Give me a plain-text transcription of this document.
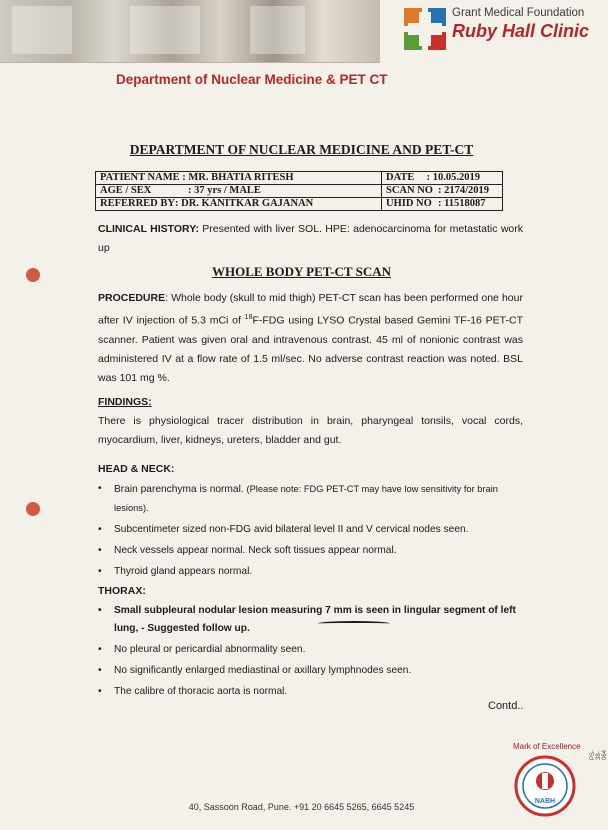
Grant Medical Foundation
Ruby Hall Clinic
Department of Nuclear Medicine & PET CT
DEPARTMENT OF NUCLEAR MEDICINE AND PET-CT
PATIENT NAME : MR. BHATIA RITESH	DATE : 10.05.2019
AGE / SEX : 37 yrs / MALE	SCAN NO : 2174/2019
REFERRED BY: DR. KANITKAR GAJANAN	UHID NO : 11518087
CLINICAL HISTORY: Presented with liver SOL. HPE: adenocarcinoma for metastatic work up
WHOLE BODY PET-CT SCAN
PROCEDURE: Whole body (skull to mid thigh) PET-CT scan has been performed one hour after IV injection of 5.3 mCi of $^{18}$F-FDG using LYSO Crystal based Gemini TF-16 PET-CT scanner. Patient was given oral and intravenous contrast. 45 ml of nonionic contrast was administered IV at a flow rate of 1.5 ml/sec. No adverse contrast reaction was noted. BSL was 101 mg %.
FINDINGS:
There is physiological tracer distribution in brain, pharyngeal tonsils, vocal cords, myocardium, liver, kidneys, ureters, bladder and gut.
HEAD & NECK:
• Brain parenchyma is normal. (Please note: FDG PET-CT may have low sensitivity for brain lesions).
• Subcentimeter sized non-FDG avid bilateral level II and V cervical nodes seen.
• Neck vessels appear normal. Neck soft tissues appear normal.
• Thyroid gland appears normal.
THORAX:
• Small subpleural nodular lesion measuring 7 mm is seen in lingular segment of left lung, - Suggested follow up.
• No pleural or pericardial abnormality seen.
• No significantly enlarged mediastinal or axillary lymphnodes seen.
• The calibre of thoracic aorta is normal.
Contd..
Mark of Excellence
NABH
PS-38-064
40, Sassoon Road, Pune. +91 20 6645 5265, 6645 5245
